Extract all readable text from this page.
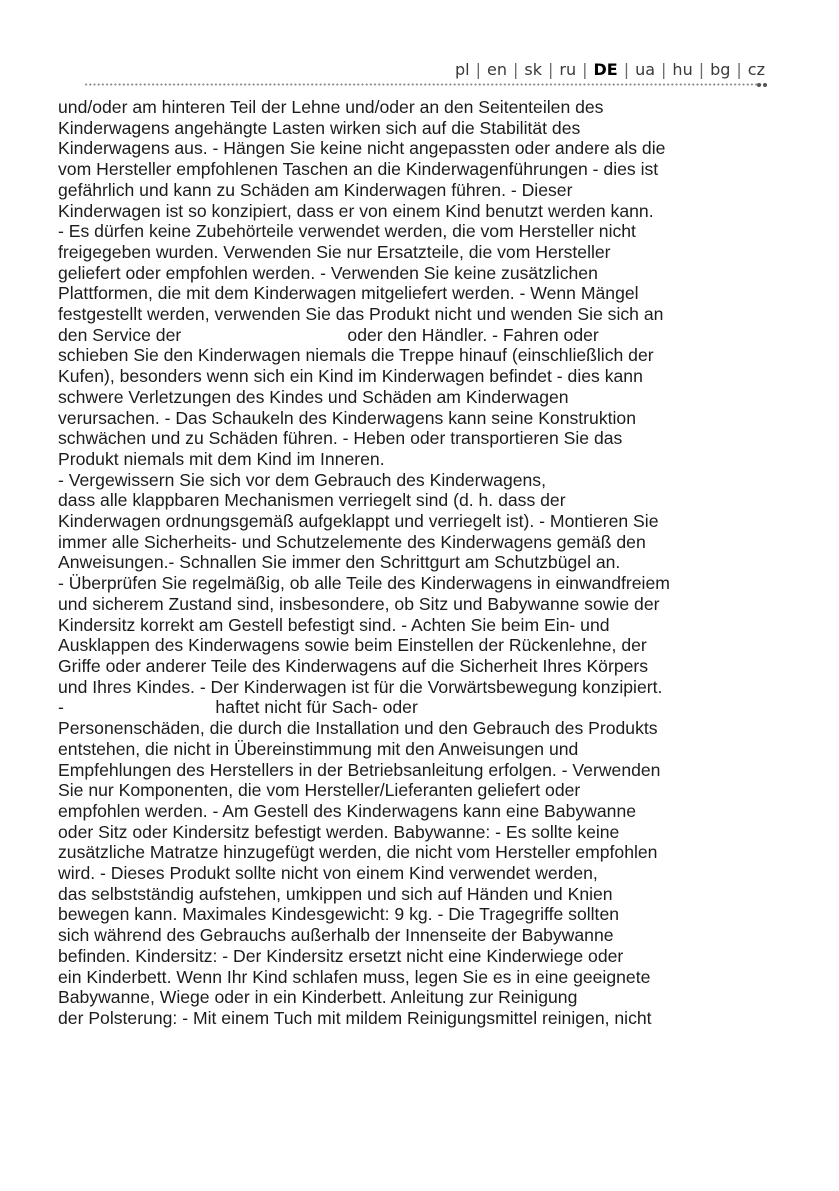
pl | en | sk | ru | DE | ua | hu | bg | cz
und/oder am hinteren Teil der Lehne und/oder an den Seitenteilen des
Kinderwagens angehängte Lasten wirken sich auf die Stabilität des
Kinderwagens aus. - Hängen Sie keine nicht angepassten oder andere als die
vom Hersteller empfohlenen Taschen an die Kinderwagenführungen - dies ist
gefährlich und kann zu Schäden am Kinderwagen führen. - Dieser
Kinderwagen ist so konzipiert, dass er von einem Kind benutzt werden kann.
- Es dürfen keine Zubehörteile verwendet werden, die vom Hersteller nicht
freigegeben wurden. Verwenden Sie nur Ersatzteile, die vom Hersteller
geliefert oder empfohlen werden. - Verwenden Sie keine zusätzlichen
Plattformen, die mit dem Kinderwagen mitgeliefert werden. - Wenn Mängel
festgestellt werden, verwenden Sie das Produkt nicht und wenden Sie sich an
den Service der                                  oder den Händler. - Fahren oder
schieben Sie den Kinderwagen niemals die Treppe hinauf (einschließlich der
Kufen), besonders wenn sich ein Kind im Kinderwagen befindet - dies kann
schwere Verletzungen des Kindes und Schäden am Kinderwagen
verursachen. - Das Schaukeln des Kinderwagens kann seine Konstruktion
schwächen und zu Schäden führen. - Heben oder transportieren Sie das
Produkt niemals mit dem Kind im Inneren.
- Vergewissern Sie sich vor dem Gebrauch des Kinderwagens,
dass alle klappbaren Mechanismen verriegelt sind (d. h. dass der
Kinderwagen ordnungsgemäß aufgeklappt und verriegelt ist). - Montieren Sie
immer alle Sicherheits- und Schutzelemente des Kinderwagens gemäß den
Anweisungen.- Schnallen Sie immer den Schrittgurt am Schutzbügel an.
- Überprüfen Sie regelmäßig, ob alle Teile des Kinderwagens in einwandfreiem
und sicherem Zustand sind, insbesondere, ob Sitz und Babywanne sowie der
Kindersitz korrekt am Gestell befestigt sind. - Achten Sie beim Ein- und
Ausklappen des Kinderwagens sowie beim Einstellen der Rückenlehne, der
Griffe oder anderer Teile des Kinderwagens auf die Sicherheit Ihres Körpers
und Ihres Kindes. - Der Kinderwagen ist für die Vorwärtsbewegung konzipiert.
-                               haftet nicht für Sach- oder
Personenschäden, die durch die Installation und den Gebrauch des Produkts
entstehen, die nicht in Übereinstimmung mit den Anweisungen und
Empfehlungen des Herstellers in der Betriebsanleitung erfolgen. - Verwenden
Sie nur Komponenten, die vom Hersteller/Lieferanten geliefert oder
empfohlen werden. - Am Gestell des Kinderwagens kann eine Babywanne
oder Sitz oder Kindersitz befestigt werden. Babywanne: - Es sollte keine
zusätzliche Matratze hinzugefügt werden, die nicht vom Hersteller empfohlen
wird. - Dieses Produkt sollte nicht von einem Kind verwendet werden,
das selbstständig aufstehen, umkippen und sich auf Händen und Knien
bewegen kann. Maximales Kindesgewicht: 9 kg. - Die Tragegriffe sollten
sich während des Gebrauchs außerhalb der Innenseite der Babywanne
befinden. Kindersitz: - Der Kindersitz ersetzt nicht eine Kinderwiege oder
ein Kinderbett. Wenn Ihr Kind schlafen muss, legen Sie es in eine geeignete
Babywanne, Wiege oder in ein Kinderbett. Anleitung zur Reinigung
der Polsterung: - Mit einem Tuch mit mildem Reinigungsmittel reinigen, nicht
